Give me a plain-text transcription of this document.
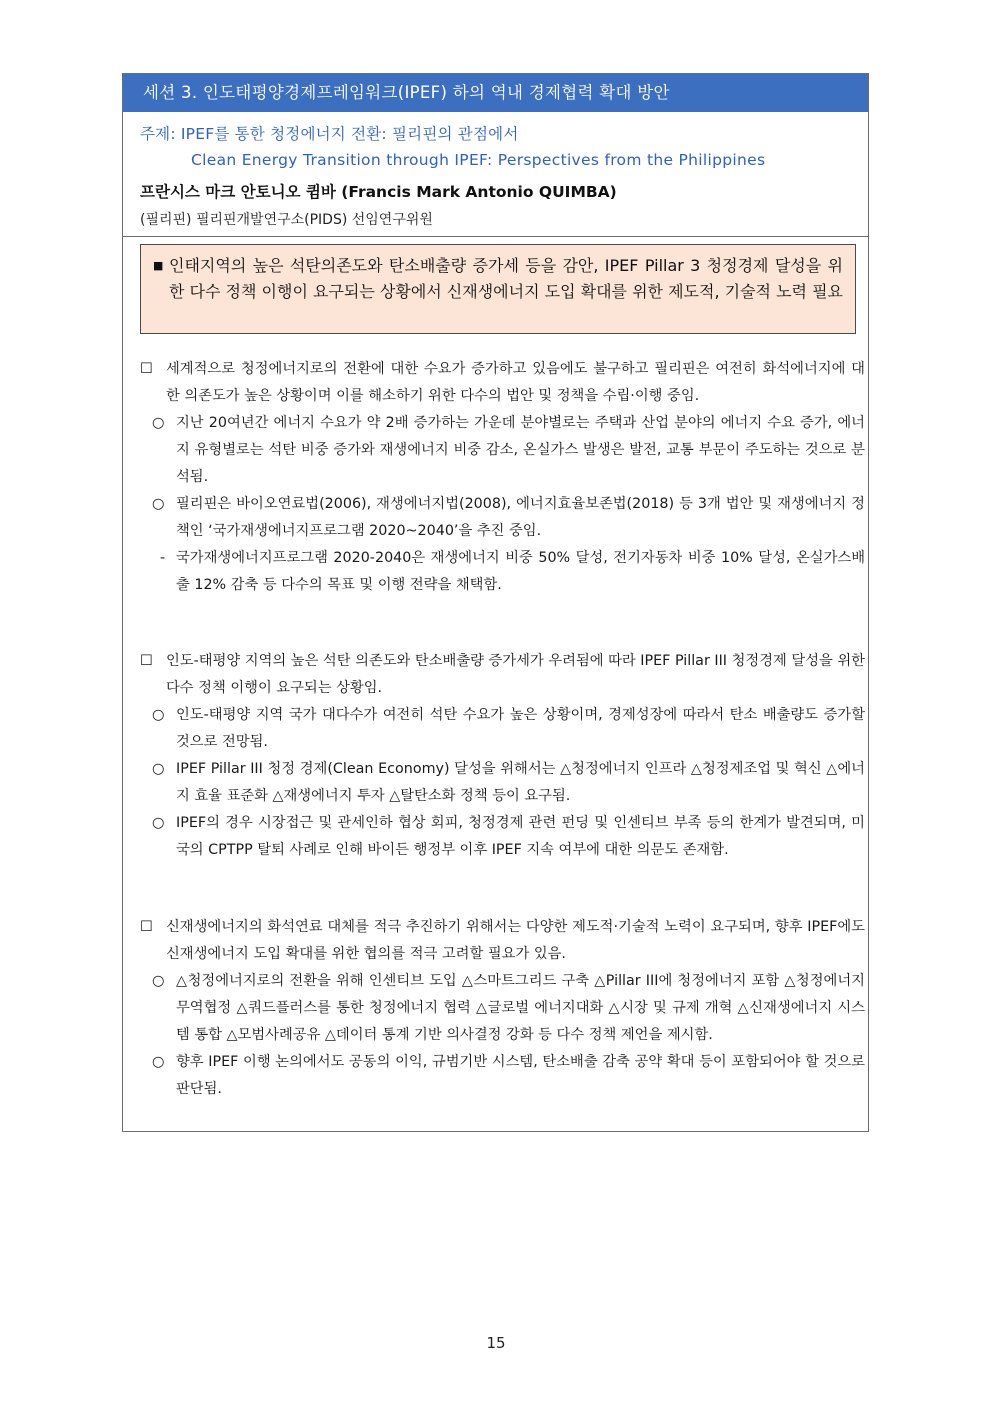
세션 3. 인도태평양경제프레임워크(IPEF) 하의 역내 경제협력 확대 방안
주제: IPEF를 통한 청정에너지 전환: 필리핀의 관점에서
Clean Energy Transition through IPEF: Perspectives from the Philippines
프란시스 마크 안토니오 큄바 (Francis Mark Antonio QUIMBA)
(필리핀) 필리핀개발연구소(PIDS) 선임연구위원
■ 인태지역의 높은 석탄의존도와 탄소배출량 증가세 등을 감안, IPEF Pillar 3 청정경제 달성을 위한 다수 정책 이행이 요구되는 상황에서 신재생에너지 도입 확대를 위한 제도적, 기술적 노력 필요
☐ 세계적으로 청정에너지로의 전환에 대한 수요가 증가하고 있음에도 불구하고 필리핀은 여전히 화석에너지에 대한 의존도가 높은 상황이며 이를 해소하기 위한 다수의 법안 및 정책을 수립·이행 중임.
○ 지난 20여년간 에너지 수요가 약 2배 증가하는 가운데 분야별로는 주택과 산업 분야의 에너지 수요 증가, 에너지 유형별로는 석탄 비중 증가와 재생에너지 비중 감소, 온실가스 발생은 발전, 교통 부문이 주도하는 것으로 분석됨.
○ 필리핀은 바이오연료법(2006), 재생에너지법(2008), 에너지효율보존법(2018) 등 3개 법안 및 재생에너지 정책인 ‘국가재생에너지프로그램 2020~2040’을 추진 중임.
- 국가재생에너지프로그램 2020-2040은 재생에너지 비중 50% 달성, 전기자동차 비중 10% 달성, 온실가스배출 12% 감축 등 다수의 목표 및 이행 전략을 채택함.
☐ 인도-태평양 지역의 높은 석탄 의존도와 탄소배출량 증가세가 우려됨에 따라 IPEF Pillar III 청정경제 달성을 위한 다수 정책 이행이 요구되는 상황임.
○ 인도-태평양 지역 국가 대다수가 여전히 석탄 수요가 높은 상황이며, 경제성장에 따라서 탄소 배출량도 증가할 것으로 전망됨.
○ IPEF Pillar III 청정 경제(Clean Economy) 달성을 위해서는 △청정에너지 인프라 △청정제조업 및 혁신 △에너지 효율 표준화 △재생에너지 투자 △탈탄소화 정책 등이 요구됨.
○ IPEF의 경우 시장접근 및 관세인하 협상 회피, 청정경제 관련 펀딩 및 인센티브 부족 등의 한계가 발견되며, 미국의 CPTPP 탈퇴 사례로 인해 바이든 행정부 이후 IPEF 지속 여부에 대한 의문도 존재함.
☐ 신재생에너지의 화석연료 대체를 적극 추진하기 위해서는 다양한 제도적·기술적 노력이 요구되며, 향후 IPEF에도 신재생에너지 도입 확대를 위한 협의를 적극 고려할 필요가 있음.
○ △청정에너지로의 전환을 위해 인센티브 도입 △스마트그리드 구축 △Pillar III에 청정에너지 포함 △청정에너지무역협정 △쿼드플러스를 통한 청정에너지 협력 △글로벌 에너지대화 △시장 및 규제 개혁 △신재생에너지 시스템 통합 △모범사례공유 △데이터 통계 기반 의사결정 강화 등 다수 정책 제언을 제시함.
○ 향후 IPEF 이행 논의에서도 공동의 이익, 규범기반 시스템, 탄소배출 감축 공약 확대 등이 포함되어야 할 것으로 판단됨.
15
